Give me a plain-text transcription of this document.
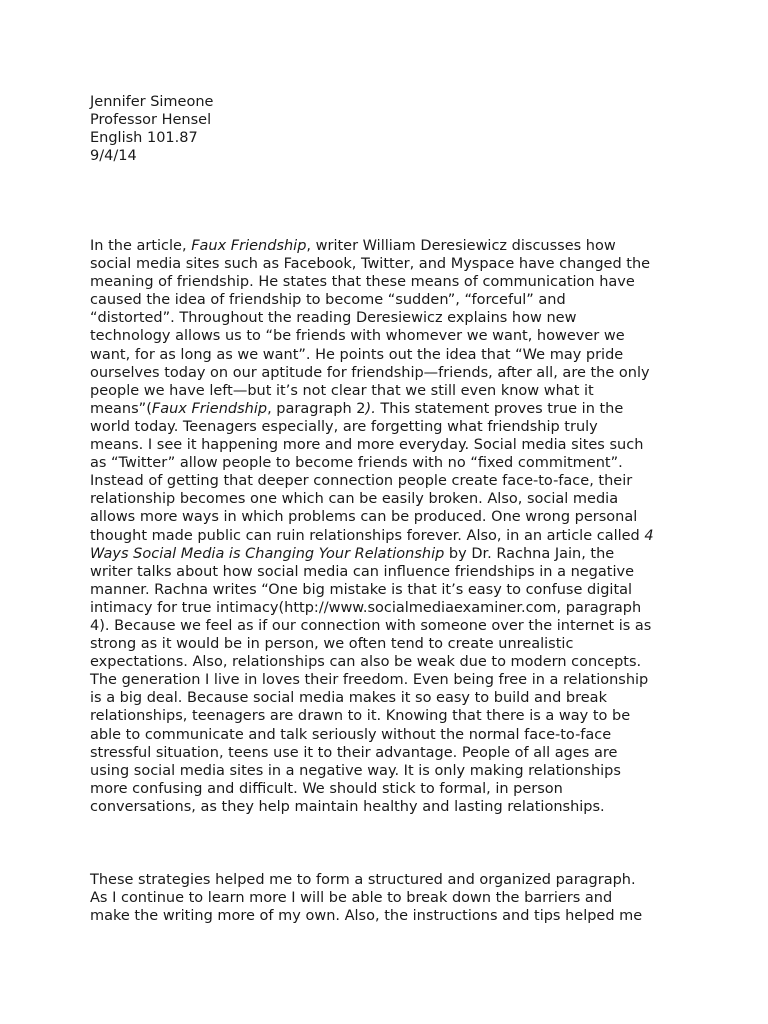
Jennifer Simeone
Professor Hensel
English 101.87
9/4/14
In the article, Faux Friendship, writer William Deresiewicz discusses how
social media sites such as Facebook, Twitter, and Myspace have changed the
meaning of friendship. He states that these means of communication have
caused the idea of friendship to become “sudden”, “forceful” and
“distorted”. Throughout the reading Deresiewicz explains how new
technology allows us to “be friends with whomever we want, however we
want, for as long as we want”. He points out the idea that “We may pride
ourselves today on our aptitude for friendship—friends, after all, are the only
people we have left—but it’s not clear that we still even know what it
means”(Faux Friendship, paragraph 2). This statement proves true in the
world today. Teenagers especially, are forgetting what friendship truly
means. I see it happening more and more everyday. Social media sites such
as “Twitter” allow people to become friends with no “fixed commitment”.
Instead of getting that deeper connection people create face-to-face, their
relationship becomes one which can be easily broken. Also, social media
allows more ways in which problems can be produced. One wrong personal
thought made public can ruin relationships forever. Also, in an article called 4
Ways Social Media is Changing Your Relationship by Dr. Rachna Jain, the
writer talks about how social media can influence friendships in a negative
manner. Rachna writes “One big mistake is that it’s easy to confuse digital
intimacy for true intimacy(http://www.socialmediaexaminer.com, paragraph
4). Because we feel as if our connection with someone over the internet is as
strong as it would be in person, we often tend to create unrealistic
expectations. Also, relationships can also be weak due to modern concepts.
The generation I live in loves their freedom. Even being free in a relationship
is a big deal. Because social media makes it so easy to build and break
relationships, teenagers are drawn to it. Knowing that there is a way to be
able to communicate and talk seriously without the normal face-to-face
stressful situation, teens use it to their advantage. People of all ages are
using social media sites in a negative way. It is only making relationships
more confusing and difficult. We should stick to formal, in person
conversations, as they help maintain healthy and lasting relationships.
These strategies helped me to form a structured and organized paragraph.
As I continue to learn more I will be able to break down the barriers and
make the writing more of my own. Also, the instructions and tips helped me
